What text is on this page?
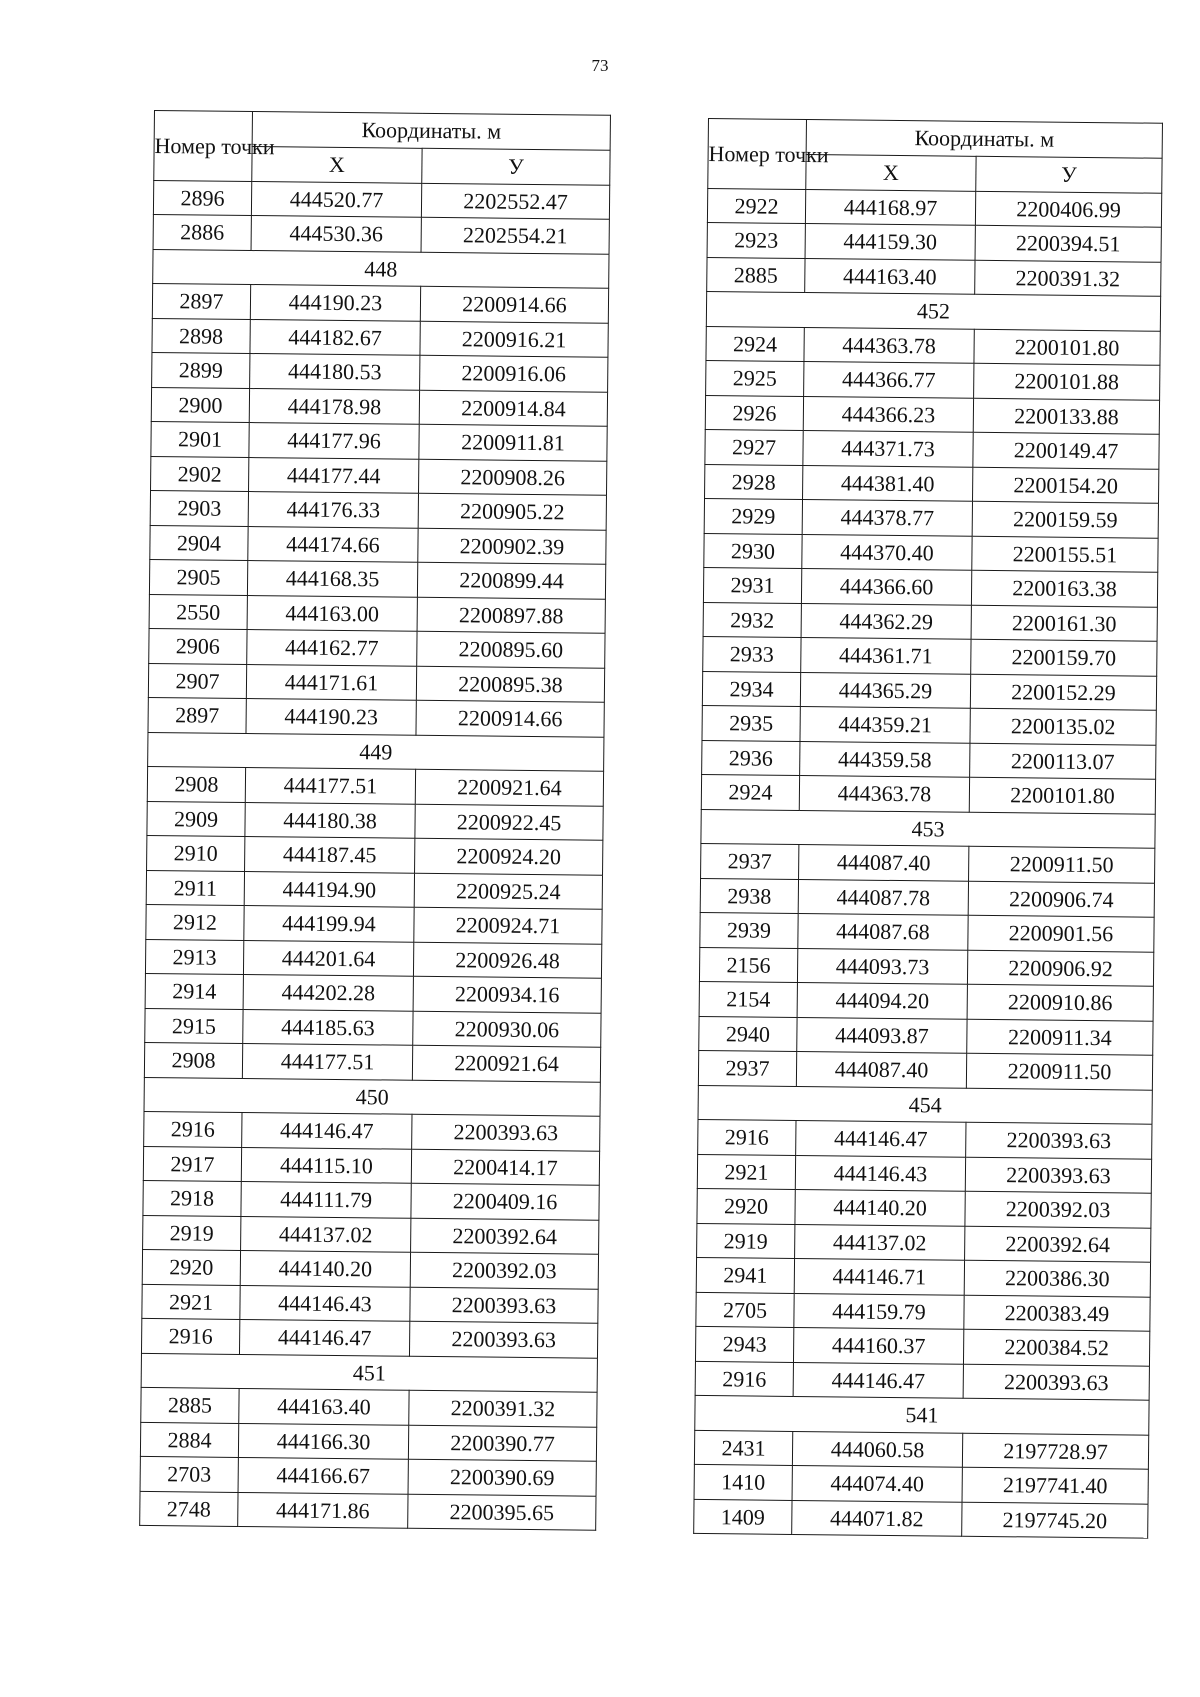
73
Номер точки	Координаты. м	
	X	У
2896	444520.77	2202552.47
2886	444530.36	2202554.21
448		
2897	444190.23	2200914.66
2898	444182.67	2200916.21
2899	444180.53	2200916.06
2900	444178.98	2200914.84
2901	444177.96	2200911.81
2902	444177.44	2200908.26
2903	444176.33	2200905.22
2904	444174.66	2200902.39
2905	444168.35	2200899.44
2550	444163.00	2200897.88
2906	444162.77	2200895.60
2907	444171.61	2200895.38
2897	444190.23	2200914.66
449		
2908	444177.51	2200921.64
2909	444180.38	2200922.45
2910	444187.45	2200924.20
2911	444194.90	2200925.24
2912	444199.94	2200924.71
2913	444201.64	2200926.48
2914	444202.28	2200934.16
2915	444185.63	2200930.06
2908	444177.51	2200921.64
450		
2916	444146.47	2200393.63
2917	444115.10	2200414.17
2918	444111.79	2200409.16
2919	444137.02	2200392.64
2920	444140.20	2200392.03
2921	444146.43	2200393.63
2916	444146.47	2200393.63
451		
2885	444163.40	2200391.32
2884	444166.30	2200390.77
2703	444166.67	2200390.69
2748	444171.86	2200395.65
Номер точки	Координаты. м	
	X	У
2922	444168.97	2200406.99
2923	444159.30	2200394.51
2885	444163.40	2200391.32
452		
2924	444363.78	2200101.80
2925	444366.77	2200101.88
2926	444366.23	2200133.88
2927	444371.73	2200149.47
2928	444381.40	2200154.20
2929	444378.77	2200159.59
2930	444370.40	2200155.51
2931	444366.60	2200163.38
2932	444362.29	2200161.30
2933	444361.71	2200159.70
2934	444365.29	2200152.29
2935	444359.21	2200135.02
2936	444359.58	2200113.07
2924	444363.78	2200101.80
453		
2937	444087.40	2200911.50
2938	444087.78	2200906.74
2939	444087.68	2200901.56
2156	444093.73	2200906.92
2154	444094.20	2200910.86
2940	444093.87	2200911.34
2937	444087.40	2200911.50
454		
2916	444146.47	2200393.63
2921	444146.43	2200393.63
2920	444140.20	2200392.03
2919	444137.02	2200392.64
2941	444146.71	2200386.30
2705	444159.79	2200383.49
2943	444160.37	2200384.52
2916	444146.47	2200393.63
541		
2431	444060.58	2197728.97
1410	444074.40	2197741.40
1409	444071.82	2197745.20
